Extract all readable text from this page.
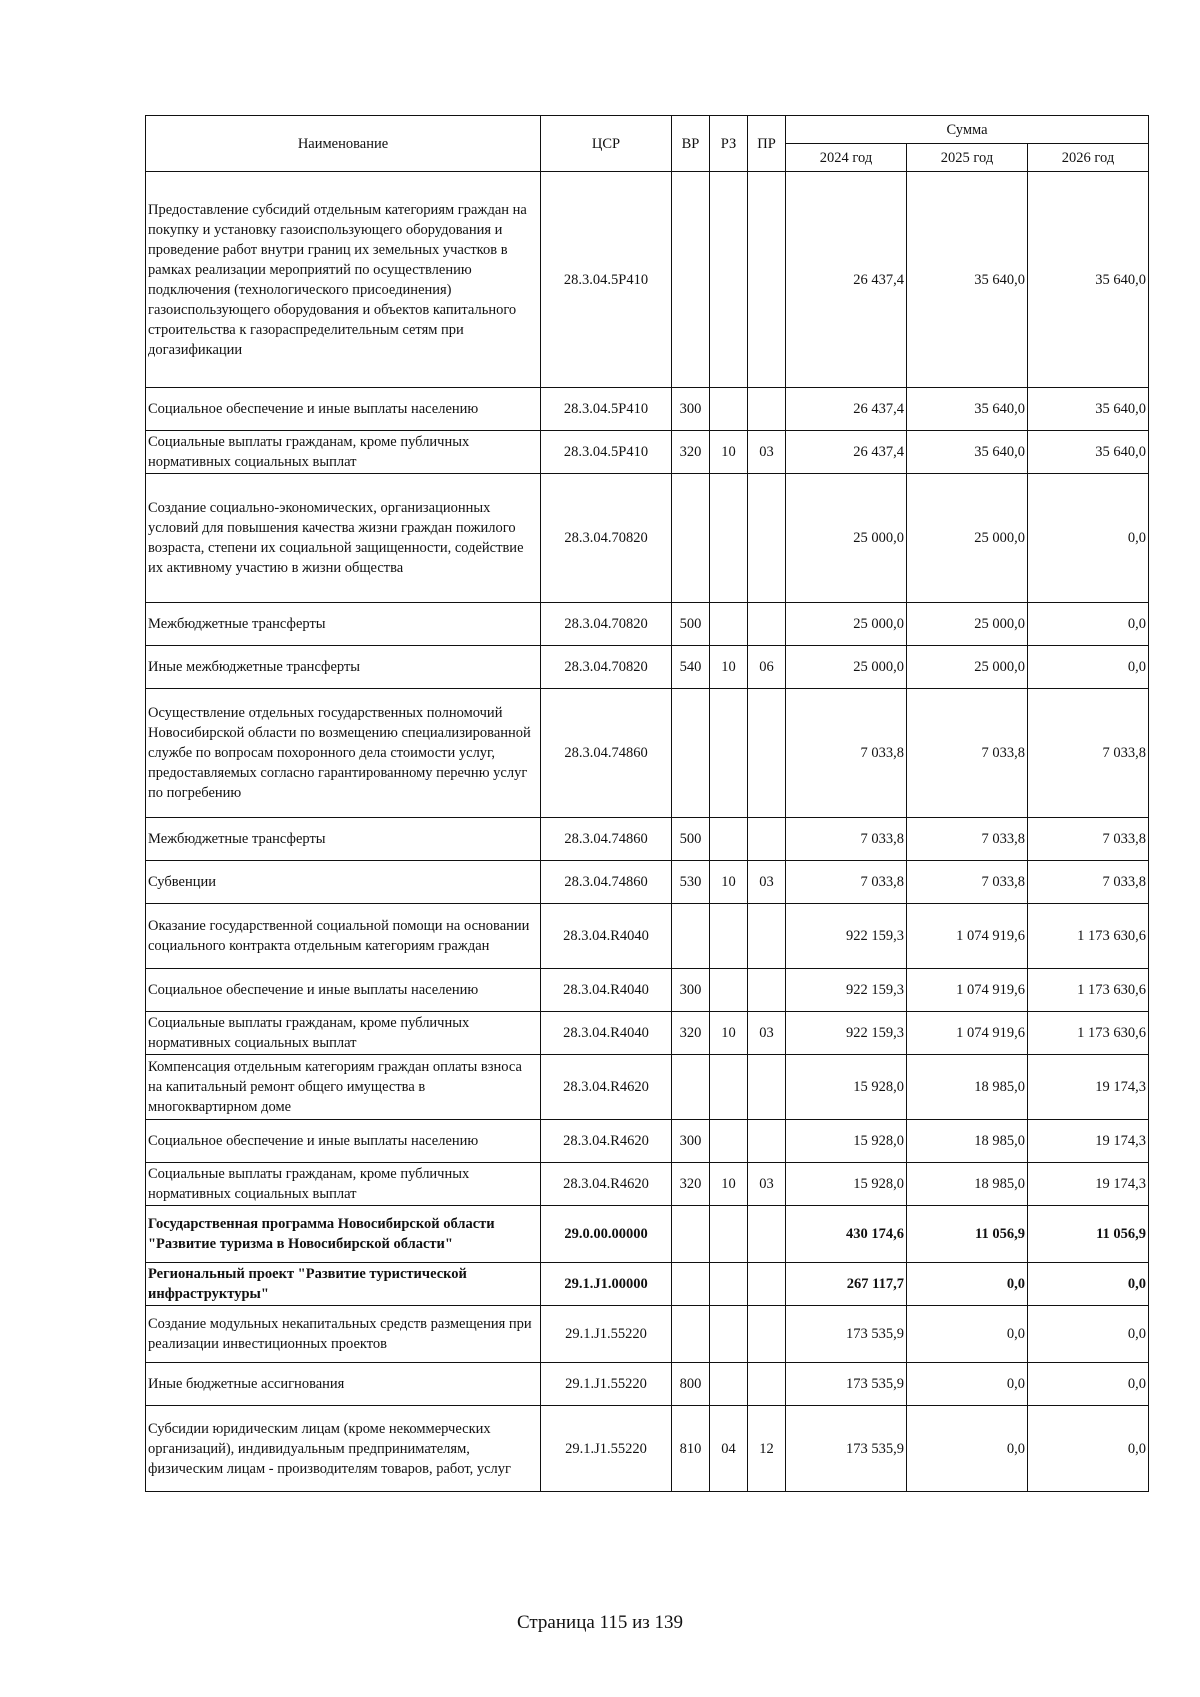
Наименование	ЦСР	ВР	РЗ	ПР	Сумма		
					2024 год	2025 год	2026 год
Предоставление субсидий отдельным категориям граждан на покупку и установку газоиспользующего оборудования и проведение работ внутри границ их земельных участков в рамках реализации мероприятий по осуществлению подключения (технологического присоединения) газоиспользующего оборудования и объектов капитального строительства к газораспределительным сетям при догазификации	28.3.04.5Р410				26 437,4	35 640,0	35 640,0
Социальное обеспечение и иные выплаты населению	28.3.04.5Р410	300			26 437,4	35 640,0	35 640,0
Социальные выплаты гражданам, кроме публичных нормативных социальных выплат	28.3.04.5Р410	320	10	03	26 437,4	35 640,0	35 640,0
Создание социально-экономических, организационных условий для повышения качества жизни граждан пожилого возраста, степени их социальной защищенности, содействие их активному участию в жизни общества	28.3.04.70820				25 000,0	25 000,0	0,0
Межбюджетные трансферты	28.3.04.70820	500			25 000,0	25 000,0	0,0
Иные межбюджетные трансферты	28.3.04.70820	540	10	06	25 000,0	25 000,0	0,0
Осуществление отдельных государственных полномочий Новосибирской области по возмещению специализированной службе по вопросам похоронного дела стоимости услуг, предоставляемых согласно гарантированному перечню услуг по погребению	28.3.04.74860				7 033,8	7 033,8	7 033,8
Межбюджетные трансферты	28.3.04.74860	500			7 033,8	7 033,8	7 033,8
Субвенции	28.3.04.74860	530	10	03	7 033,8	7 033,8	7 033,8
Оказание государственной социальной помощи на основании социального контракта отдельным категориям граждан	28.3.04.R4040				922 159,3	1 074 919,6	1 173 630,6
Социальное обеспечение и иные выплаты населению	28.3.04.R4040	300			922 159,3	1 074 919,6	1 173 630,6
Социальные выплаты гражданам, кроме публичных нормативных социальных выплат	28.3.04.R4040	320	10	03	922 159,3	1 074 919,6	1 173 630,6
Компенсация отдельным категориям граждан оплаты взноса на капитальный ремонт общего имущества в многоквартирном доме	28.3.04.R4620				15 928,0	18 985,0	19 174,3
Социальное обеспечение и иные выплаты населению	28.3.04.R4620	300			15 928,0	18 985,0	19 174,3
Социальные выплаты гражданам, кроме публичных нормативных социальных выплат	28.3.04.R4620	320	10	03	15 928,0	18 985,0	19 174,3
Государственная программа Новосибирской области "Развитие туризма в Новосибирской области"	29.0.00.00000				430 174,6	11 056,9	11 056,9
Региональный проект "Развитие туристической инфраструктуры"	29.1.J1.00000				267 117,7	0,0	0,0
Создание модульных некапитальных средств размещения при реализации инвестиционных проектов	29.1.J1.55220				173 535,9	0,0	0,0
Иные бюджетные ассигнования	29.1.J1.55220	800			173 535,9	0,0	0,0
Субсидии юридическим лицам (кроме некоммерческих организаций), индивидуальным предпринимателям, физическим лицам - производителям товаров, работ, услуг	29.1.J1.55220	810	04	12	173 535,9	0,0	0,0
Страница 115 из 139
